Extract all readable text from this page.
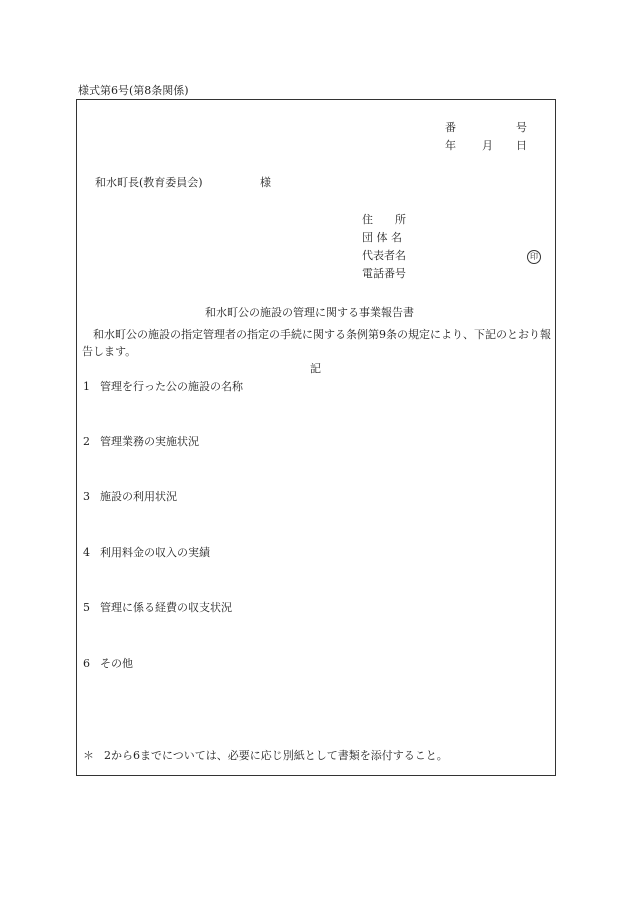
様式第6号(第8条関係)
番	号
年 月 日
和水町長(教育委員会)	様
住　　所
団 体 名
代表者名
電話番号
印
和水町公の施設の管理に関する事業報告書
和水町公の施設の指定管理者の指定の手続に関する条例第9条の規定により、下記のとおり報告します。
記
1 管理を行った公の施設の名称
2 管理業務の実施状況
3 施設の利用状況
4 利用料金の収入の実績
5 管理に係る経費の収支状況
6 その他
＊ 2から6までについては、必要に応じ別紙として書類を添付すること。
